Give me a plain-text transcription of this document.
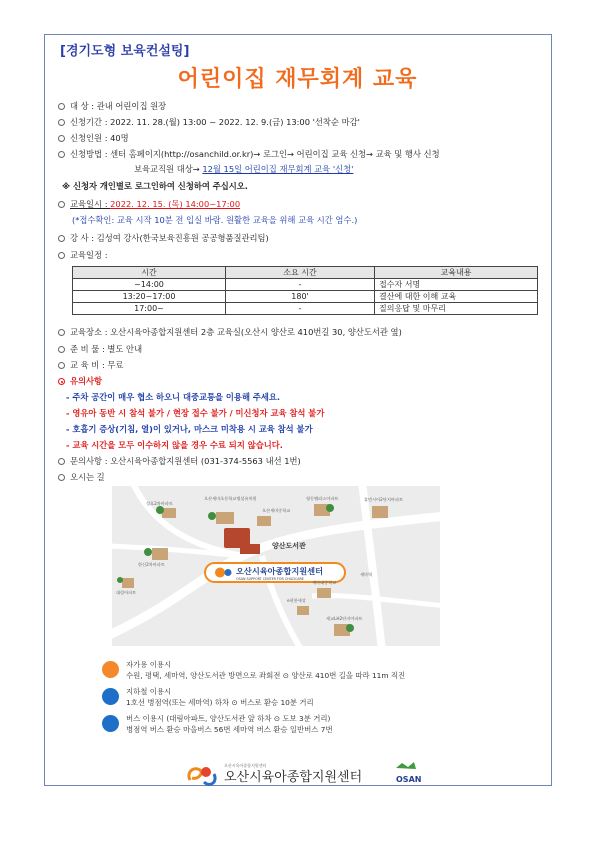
[경기도형 보육컨설팅]
어린이집 재무회계 교육
대 상 : 관내 어린이집 원장
신청기간 : 2022. 11. 28.(월) 13:00 ~ 2022. 12. 9.(금) 13:00 '선착순 마감'
신청인원 : 40명
신청방법 : 센터 홈페이지(http://osanchild.or.kr)→ 로그인→ 어린이집 교육 신청→ 교육 및 행사 신청
보육교직원 대상→ 12월 15일 어린이집 재무회계 교육 '신청'
※ 신청자 개인별로 로그인하여 신청하여 주십시오.
교육일시 : 2022. 12. 15. (목) 14:00~17:00
(*접수확인: 교육 시작 10분 전 입실 바람. 원활한 교육을 위해 교육 시간 엄수.)
강 사 : 김성여 강사(한국보육진흥원 공공형품질관리팀)
교육일정 :
시간	소요 시간	교육내용
~14:00	-	접수자 서명
13:20~17:00	180'	결산에 대한 이해 교육
17:00~	-	질의응답 및 마무리
교육장소 : 오산시육아종합지원센터 2층 교육실(오산시 양산로 410번길 30, 양산도서관 옆)
준 비 물 : 별도 안내
교 육 비 : 무료
유의사항
- 주차 공간이 매우 협소 하오니 대중교통을 이용해 주세요.
- 영유아 동반 시 참석 불가 / 현장 접수 불가 / 미신청자 교육 참석 불가
- 호흡기 증상(기침, 열)이 있거나, 마스크 미착용 시 교육 참석 불가
- 교육 시간을 모두 이수하지 않을 경우 수료 되지 않습니다.
문의사항 : 오산시육아종합지원센터 (031-374-5563 내선 1번)
오시는 길
양산도서관
오산시육아종합지원센터
OSAN SUPPORT CENTER FOR CHILDCARE
성호2차아파트
오산세마초등학교병설유치원
오산세마중학교
영동팰러스아파트	휴먼시아2단지아파트
한신2차아파트
대림아파트
세마대중학교
세교LH2단지아파트
세마역
e편한세상
자가용 이용시
수원, 평택, 세마역, 양산도서관 방면으로 좌회전 ⊙ 양산로 410번 길을 따라 11m 직진
지하철 이용시
1호선 병점역(또는 세마역) 하차 ⊙ 버스로 환승 10분 거리
버스 이용시 (대림아파트, 양산도서관 앞 하차 ⊙ 도보 3분 거리)
병점역 버스 환승 마을버스 56번 세마역 버스 환승 일반버스 7번
오산시육아종합지원센터
오산시육아종합지원센터	OSAN
